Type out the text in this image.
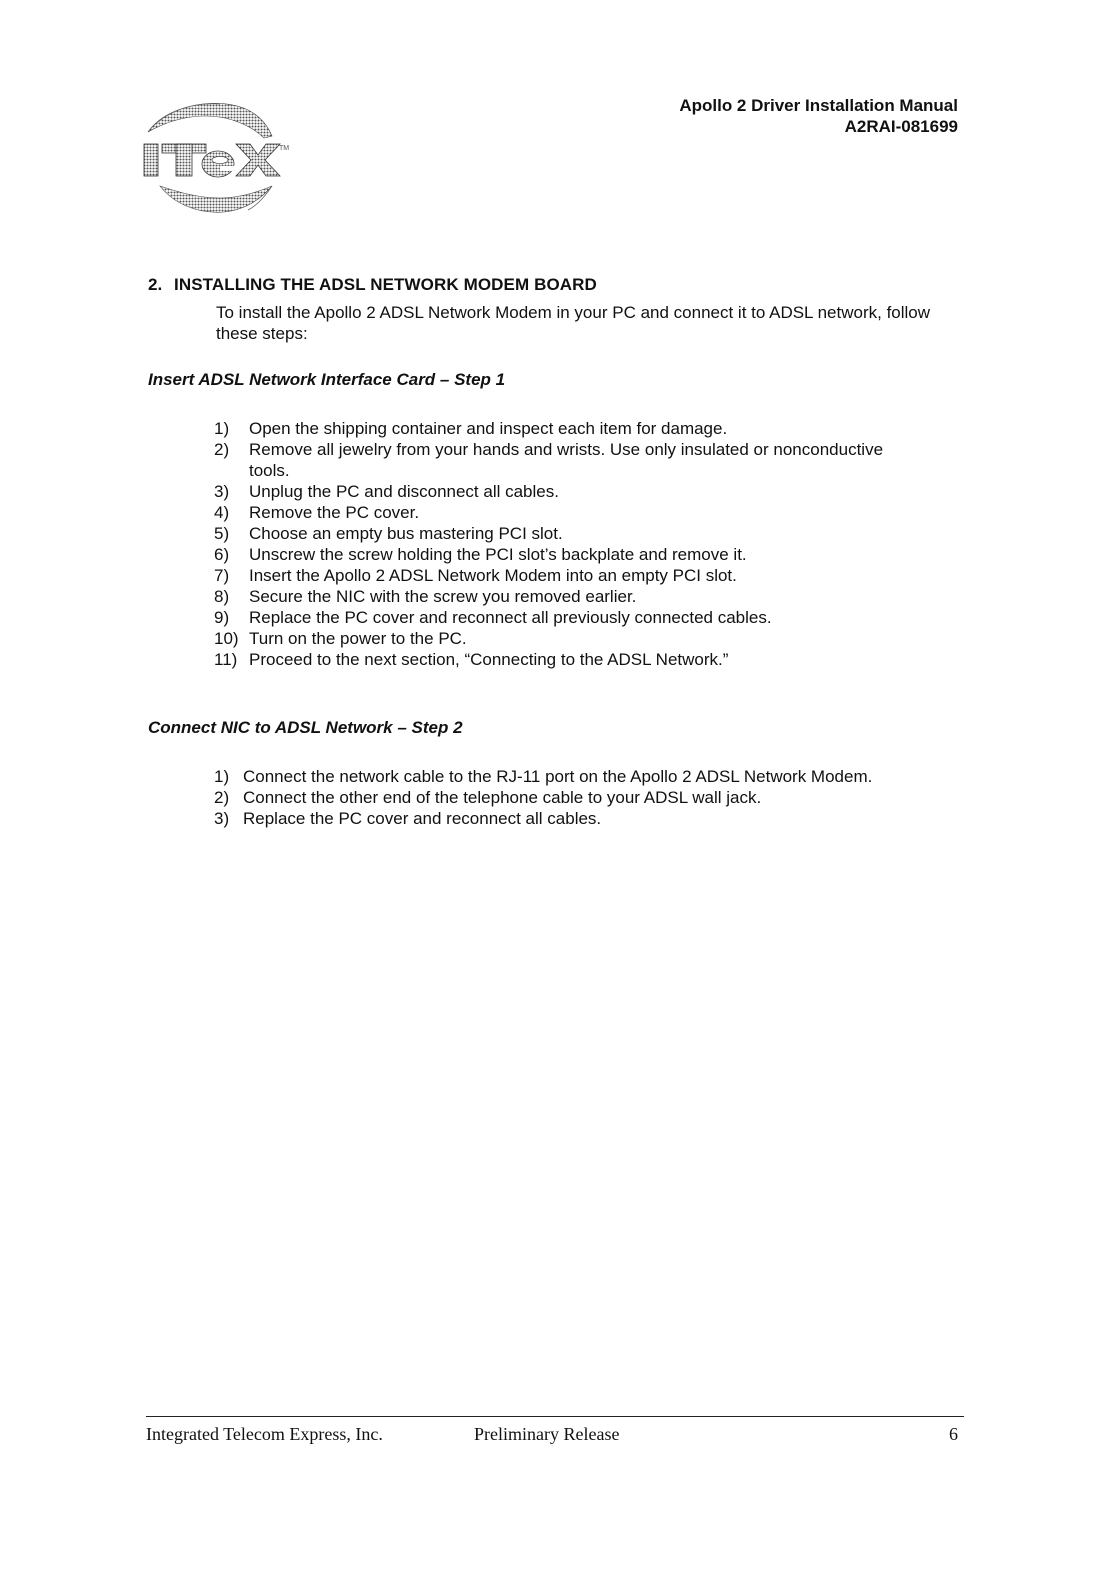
TM
Apollo 2 Driver Installation Manual
A2RAI-081699
2. INSTALLING THE ADSL NETWORK MODEM BOARD
To install the Apollo 2 ADSL Network Modem in your PC and connect it to ADSL network, follow these steps:
Insert ADSL Network Interface Card – Step 1
1)	Open the shipping container and inspect each item for damage.
2)	Remove all jewelry from your hands and wrists. Use only insulated or nonconductive tools.
3)	Unplug the PC and disconnect all cables.
4)	Remove the PC cover.
5)	Choose an empty bus mastering PCI slot.
6)	Unscrew the screw holding the PCI slot’s backplate and remove it.
7)	Insert the Apollo 2 ADSL Network Modem into an empty PCI slot.
8)	Secure the NIC with the screw you removed earlier.
9)	Replace the PC cover and reconnect all previously connected cables.
10) Turn on the power to the PC.
11) Proceed to the next section, “Connecting to the ADSL Network.”
Connect NIC to ADSL Network – Step 2
1) Connect the network cable to the RJ-11 port on the Apollo 2 ADSL Network Modem.
2) Connect the other end of the telephone cable to your ADSL wall jack.
3) Replace the PC cover and reconnect all cables.
Integrated Telecom Express, Inc.	Preliminary Release	6
